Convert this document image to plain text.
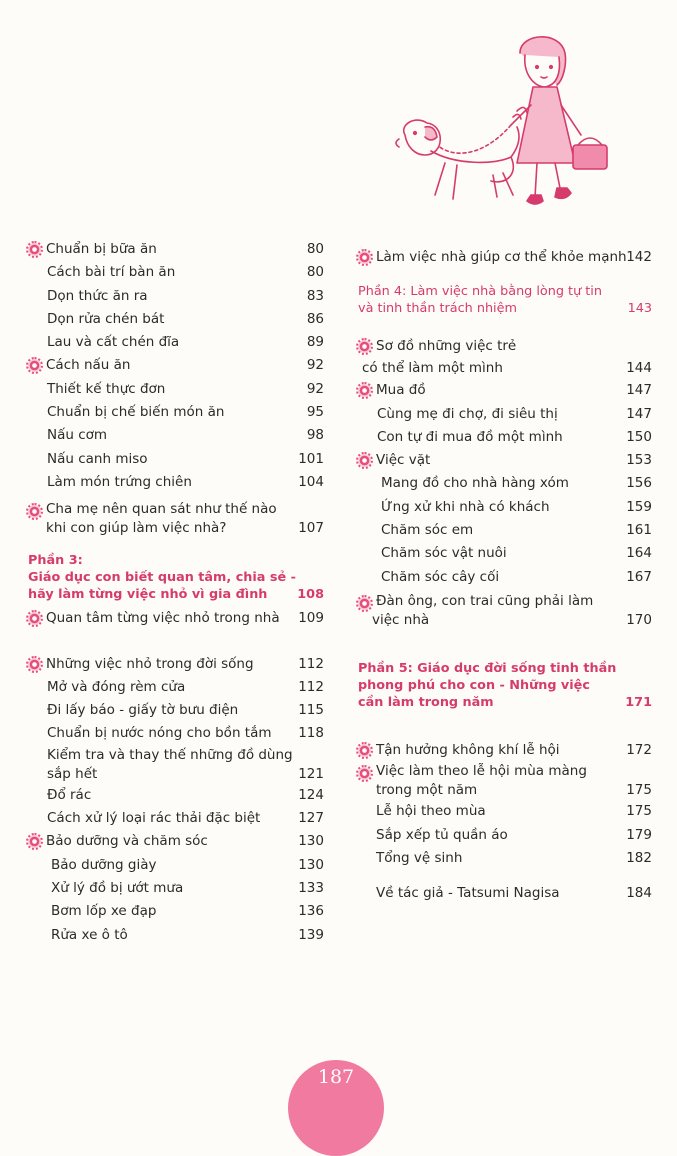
Chuẩn bị bữa ăn	80
Cách bài trí bàn ăn	80
Dọn thức ăn ra	83
Dọn rửa chén bát	86
Lau và cất chén đĩa	89
Cách nấu ăn	92
Thiết kế thực đơn	92
Chuẩn bị chế biến món ăn	95
Nấu cơm	98
Nấu canh miso	101
Làm món trứng chiên	104
Cha mẹ nên quan sát như thế nào
khi con giúp làm việc nhà?	107
Phần 3:
Giáo dục con biết quan tâm, chia sẻ -
hãy làm từng việc nhỏ vì gia đình	108
Quan tâm từng việc nhỏ trong nhà 109
Những việc nhỏ trong đời sống	112
Mở và đóng rèm cửa	112
Đi lấy báo - giấy tờ bưu điện	115
Chuẩn bị nước nóng cho bồn tắm 118
Kiểm tra và thay thế những đồ dùng
sắp hết	121
Đổ rác	124
Cách xử lý loại rác thải đặc biệt	127
Bảo dưỡng và chăm sóc	130
Bảo dưỡng giày	130
Xử lý đồ bị ướt mưa	133
Bơm lốp xe đạp	136
Rửa xe ô tô	139
Làm việc nhà giúp cơ thể khỏe mạnh 142
Phần 4: Làm việc nhà bằng lòng tự tin
và tinh thần trách nhiệm	143
Sơ đồ những việc trẻ
có thể làm một mình	144
Mua đồ	147
Cùng mẹ đi chợ, đi siêu thị	147
Con tự đi mua đồ một mình	150
Việc vặt	153
Mang đồ cho nhà hàng xóm	156
Ứng xử khi nhà có khách	159
Chăm sóc em	161
Chăm sóc vật nuôi	164
Chăm sóc cây cối	167
Đàn ông, con trai cũng phải làm
việc nhà	170
Phần 5: Giáo dục đời sống tinh thần
phong phú cho con - Những việc
cần làm trong năm	171
Tận hưởng không khí lễ hội	172
Việc làm theo lễ hội mùa màng
trong một năm	175
Lễ hội theo mùa	175
Sắp xếp tủ quần áo	179
Tổng vệ sinh	182
Về tác giả - Tatsumi Nagisa	184
187
